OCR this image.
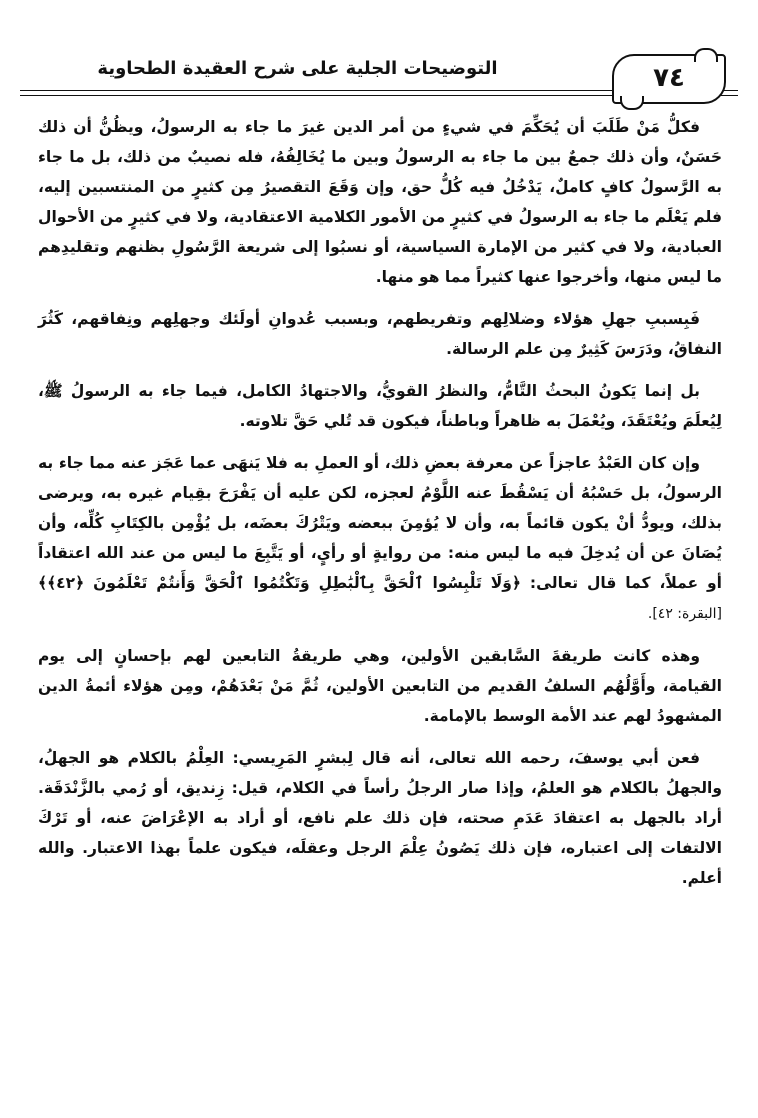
التوضيحات الجلية على شرح العقيدة الطحاوية	٧٤

فكلُّ مَنْ طَلَبَ أن يُحَكِّمَ في شيءٍ من أمر الدين غيرَ ما جاء به الرسولُ، ويظُنُّ أن ذلك حَسَنٌ، وأن ذلك جمعٌ بين ما جاء به الرسولُ وبين ما يُخَالِفُهُ، فله نصيبٌ من ذلك، بل ما جاء به الرَّسولُ كافٍ كاملٌ، يَدْخُلُ فيه كُلُّ حق، وإن وَقَعَ التقصيرُ مِن كثيرٍ من المنتسبين إليه، فلم يَعْلَم ما جاء به الرسولُ في كثيرٍ من الأمور الكلامية الاعتقادية، ولا في كثيرٍ من الأحوال العبادية، ولا في كثير من الإمارة السياسية، أو نسبُوا إلى شريعة الرَّسُولِ بظنهم وتقليدِهم ما ليس منها، وأخرجوا عنها كثيراً مما هو منها.

فَبِسببِ جهلِ هؤلاء وضلالِهم وتفريطهم، وبسبب عُدوانِ أولَئك وجهلِهم ونِفاقهم، كَثُرَ النفاقُ، ودَرَسَ كَثِيرٌ مِن علم الرسالة.

بل إنما يَكونُ البحثُ التَّامُّ، والنظرُ القويُّ، والاجتهادُ الكامل، فيما جاء به الرسولُ ﷺ، لِيُعلَمَ ويُعْتَقَدَ، ويُعْمَلَ به ظاهراً وباطناً، فيكون قد تُلي حَقَّ تلاوته.

وإن كان العَبْدُ عاجزاً عن معرفة بعضِ ذلك، أو العملِ به فلا يَنهَى عما عَجَز عنه مما جاء به الرسولُ، بل حَسْبُهُ أن يَسْقُطَ عنه اللَّوْمُ لعجزه، لكن عليه أن يَفْرَحَ بقِيام غيره به، ويرضى بذلك، ويودُّ أنْ يكون قائماً به، وأن لا يُؤمِنَ ببعضه ويَتْرُكَ بعضَه، بل يُؤْمِن بالكِتَابِ كُلِّه، وأن يُصَانَ عن أن يُدخِلَ فيه ما ليس منه: من روايةٍ أو رأيٍ، أو يَتَّبِعَ ما ليس من عند الله اعتقاداً أو عملاً، كما قال تعالى: ﴿وَلَا تَلْبِسُوا ٱلْحَقَّ بِٱلْبَٰطِلِ وَتَكْتُمُوا ٱلْحَقَّ وَأَنتُمْ تَعْلَمُونَ ﴿٤٢﴾﴾ [البقرة: ٤٢].

وهذه كانت طريقةَ السَّابقين الأولين، وهي طريقةُ التابعين لهم بإحسانٍ إلى يوم القيامة، وأَوَّلُهُم السلفُ القديم من التابعين الأولين، ثُمَّ مَنْ بَعْدَهُمْ، ومِن هؤلاء أئمةُ الدين المشهودُ لهم عند الأمة الوسط بالإمامة.

فعن أبي يوسفَ، رحمه الله تعالى، أنه قال لِبشرٍ المَرِيسي: العِلْمُ بالكلام هو الجهلُ، والجهلُ بالكلام هو العلمُ، وإذا صار الرجلُ رأساً في الكلام، قيل: زِنديق، أو رُمي بالزَّنْدَقَة. أراد بالجهل به اعتقادَ عَدَمِ صحته، فإن ذلك علم نافع، أو أراد به الإعْرَاضَ عنه، أو تَرْكَ الالتفات إلى اعتباره، فإن ذلك يَصُونُ عِلْمَ الرجل وعقلَه، فيكون علماً بهذا الاعتبار. والله أعلم.
